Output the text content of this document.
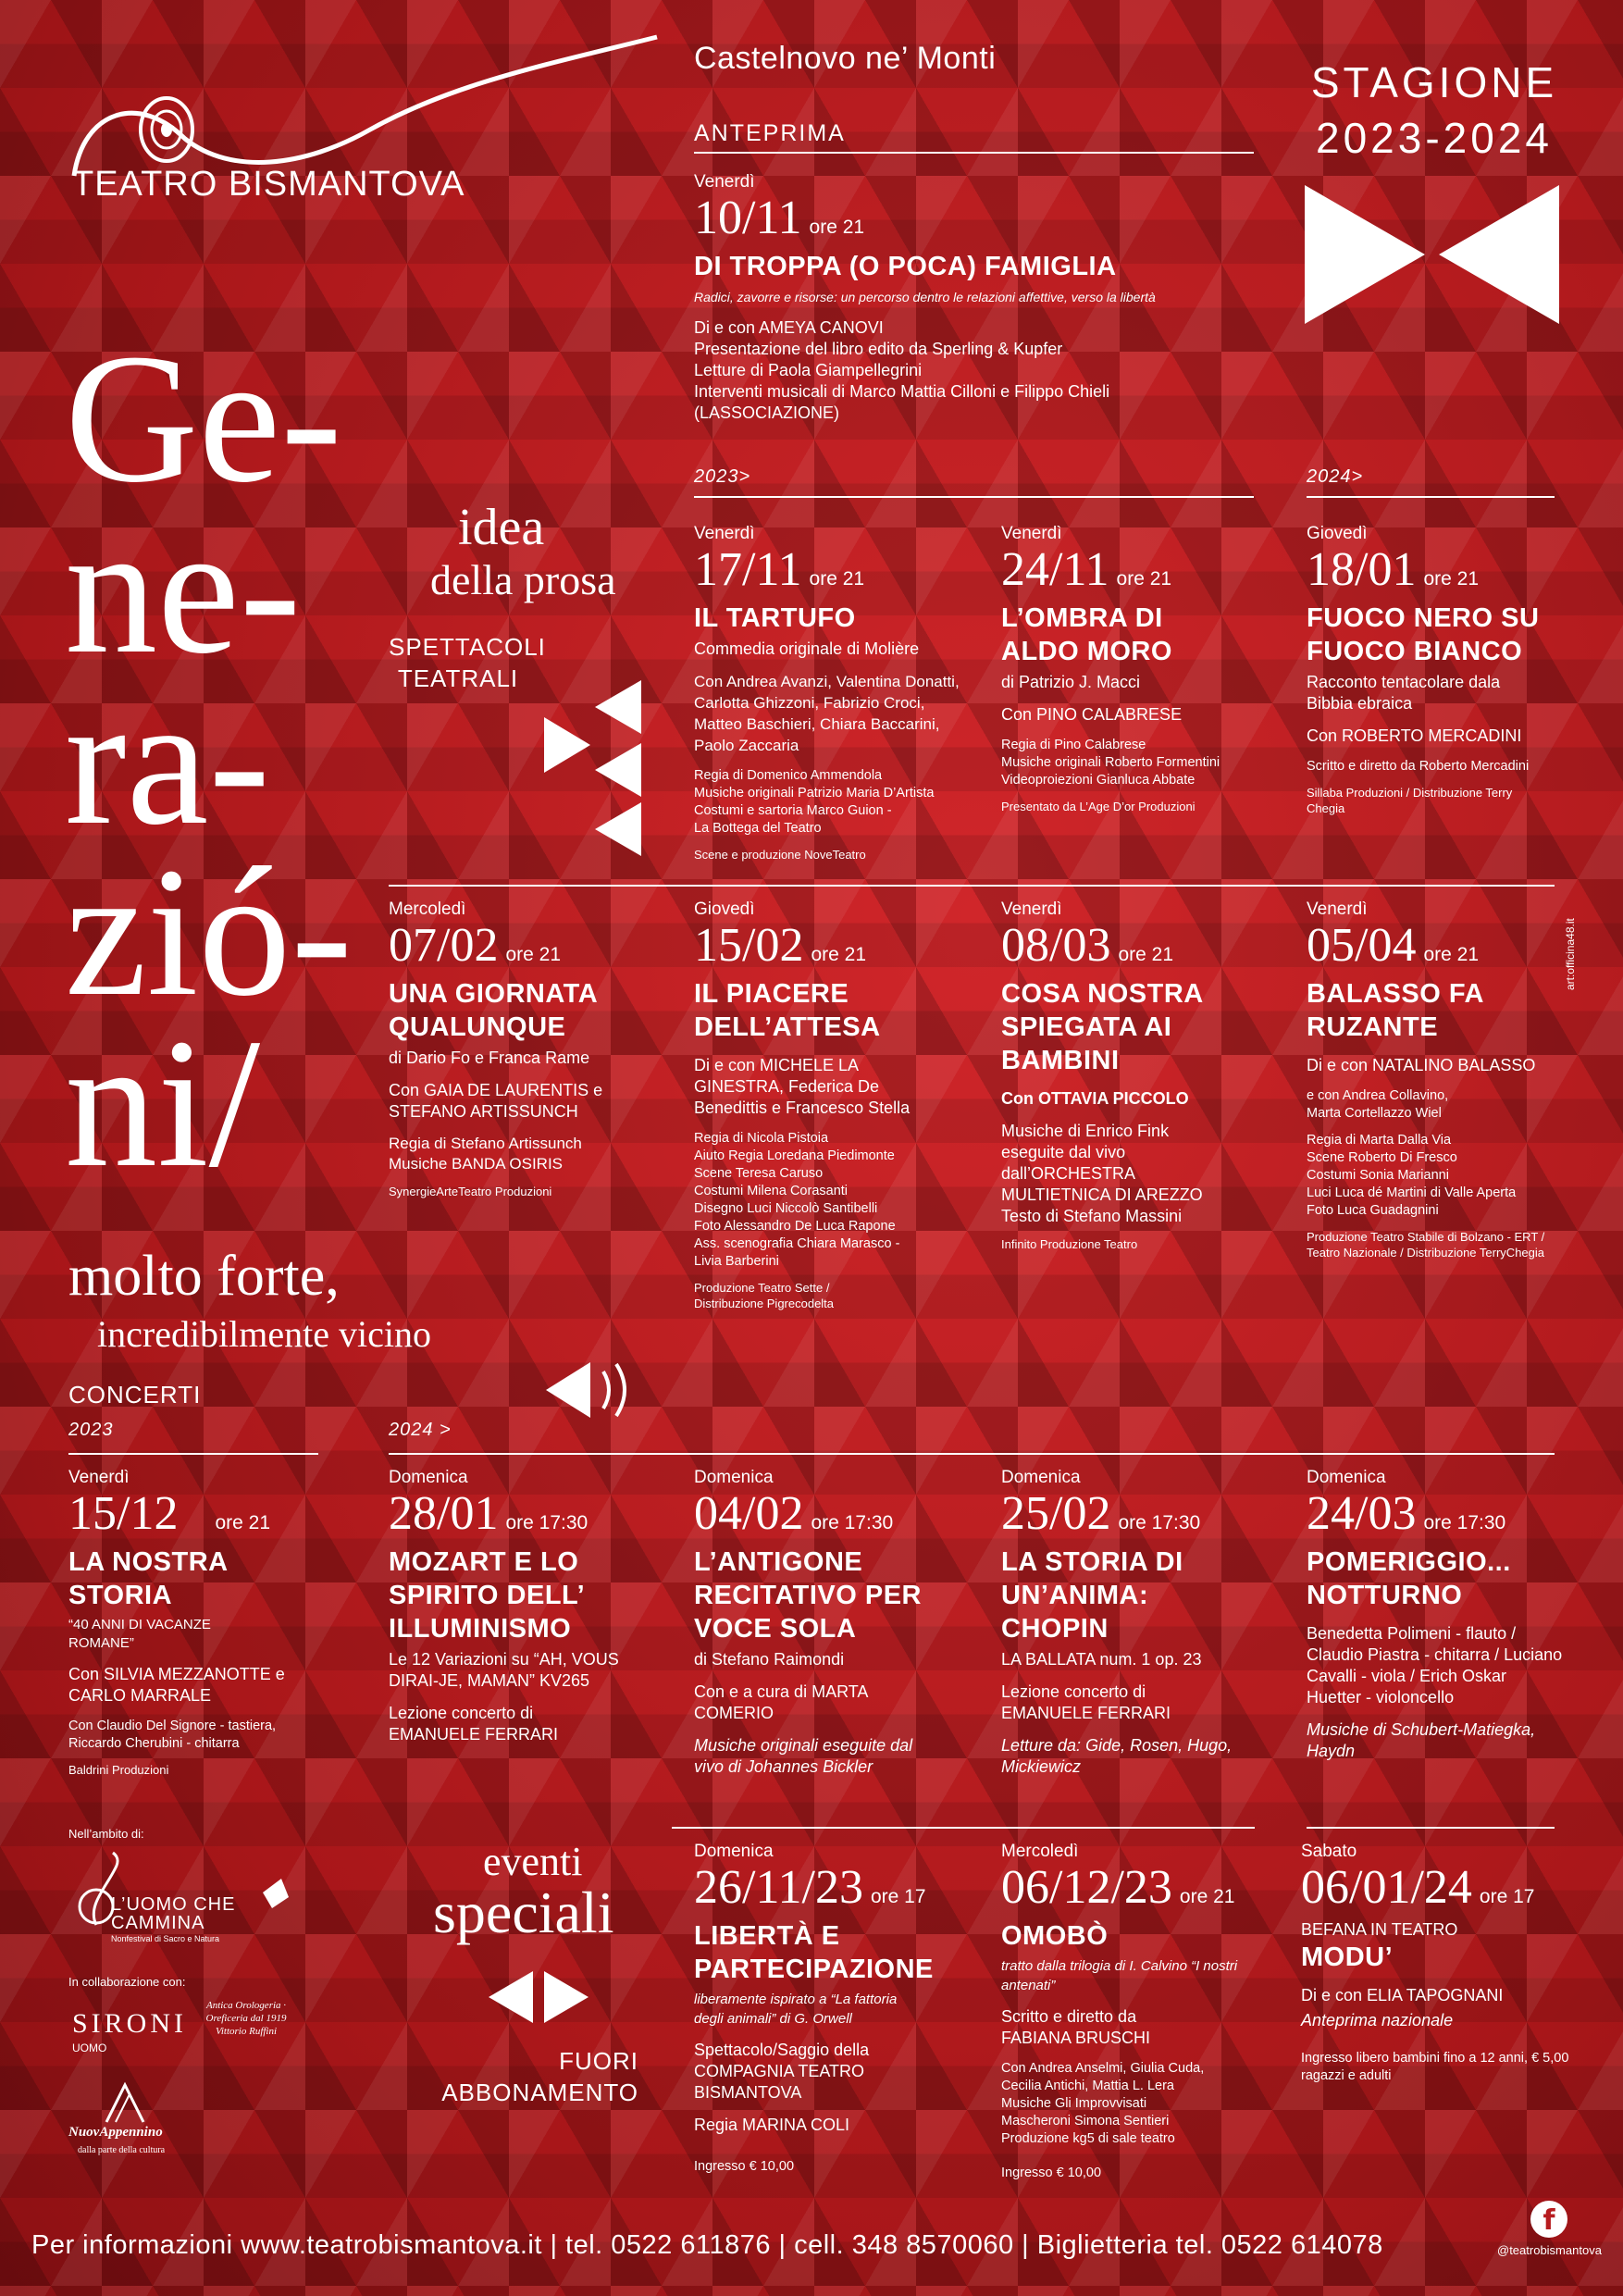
TEATRO BISMANTOVA
Castelnovo ne’ Monti	STAGIONE
2023-2024
Ge-
ne-
ra-
zió-
ni/
ANTEPRIMA
Venerdì
10/11 ore 21
DI TROPPA (O POCA) FAMIGLIA
Radici, zavorre e risorse: un percorso dentro le relazioni affettive, verso la libertà
Di e con AMEYA CANOVI
Presentazione del libro edito da Sperling & Kupfer
Letture di Paola Giampellegrini
Interventi musicali di Marco Mattia Cilloni e Filippo Chieli
(LASSOCIAZIONE)
2023>	2024>
idea
della prosa
SPETTACOLI TEATRALI
Venerdì
17/11 ore 21
IL TARTUFO
Commedia originale di Molière
Con Andrea Avanzi, Valentina Donatti, Carlotta Ghizzoni, Fabrizio Croci, Matteo Baschieri, Chiara Baccarini, Paolo Zaccaria
Regia di Domenico Ammendola
Musiche originali Patrizio Maria D’Artista
Costumi e sartoria Marco Guion -
La Bottega del Teatro
Scene e produzione NoveTeatro
Venerdì
24/11 ore 21
L’OMBRA DI ALDO MORO
di Patrizio J. Macci
Con PINO CALABRESE
Regia di Pino Calabrese
Musiche originali Roberto Formentini
Videoproiezioni Gianluca Abbate
Presentato da L’Age D’or Produzioni
Giovedì
18/01 ore 21
FUOCO NERO SU FUOCO BIANCO
Racconto tentacolare dala Bibbia ebraica
Con ROBERTO MERCADINI
Scritto e diretto da Roberto Mercadini
Sillaba Produzioni / Distribuzione Terry Chegia
Mercoledì
07/02 ore 21
UNA GIORNATA QUALUNQUE
di Dario Fo e Franca Rame
Con GAIA DE LAURENTIS e STEFANO ARTISSUNCH
Regia di Stefano Artissunch
Musiche BANDA OSIRIS
SynergieArteTeatro Produzioni
Giovedì
15/02 ore 21
IL PIACERE DELL’ATTESA
Di e con MICHELE LA GINESTRA, Federica De Benedittis e Francesco Stella
Regia di Nicola Pistoia
Aiuto Regia Loredana Piedimonte
Scene Teresa Caruso
Costumi Milena Corasanti
Disegno Luci Niccolò Santibelli
Foto Alessandro De Luca Rapone
Ass. scenografia Chiara Marasco -
Livia Barberini
Produzione Teatro Sette / Distribuzione Pigrecodelta
Venerdì
08/03 ore 21
COSA NOSTRA SPIEGATA AI BAMBINI
Con OTTAVIA PICCOLO
Musiche di Enrico Fink eseguite dal vivo dall’ORCHESTRA MULTIETNICA DI AREZZO
Testo di Stefano Massini
Infinito Produzione Teatro
Venerdì
05/04 ore 21
BALASSO FA RUZANTE
Di e con NATALINO BALASSO
e con Andrea Collavino,
Marta Cortellazzo Wiel
Regia di Marta Dalla Via
Scene Roberto Di Fresco
Costumi Sonia Marianni
Luci Luca dé Martini di Valle Aperta
Foto Luca Guadagnini
Produzione Teatro Stabile di Bolzano - ERT / Teatro Nazionale / Distribuzione TerryChegia
molto forte,
incredibilmente vicino
CONCERTI
2023	2024 >
Venerdì
15/12 ore 21
LA NOSTRA STORIA
“40 ANNI DI VACANZE ROMANE”
Con SILVIA MEZZANOTTE e CARLO MARRALE
Con Claudio Del Signore - tastiera,
Riccardo Cherubini - chitarra
Baldrini Produzioni
Domenica
28/01 ore 17:30
MOZART E LO SPIRITO DELL’ ILLUMINISMO
Le 12 Variazioni su “AH, VOUS DIRAI-JE, MAMAN” KV265
Lezione concerto di EMANUELE FERRARI
Domenica
04/02 ore 17:30
L’ANTIGONE RECITATIVO PER VOCE SOLA
di Stefano Raimondi
Con e a cura di MARTA COMERIO
Musiche originali eseguite dal vivo di Johannes Bickler
Domenica
25/02 ore 17:30
LA STORIA DI UN’ANIMA: CHOPIN
LA BALLATA num. 1 op. 23
Lezione concerto di EMANUELE FERRARI
Letture da: Gide, Rosen, Hugo, Mickiewicz
Domenica
24/03 ore 17:30
POMERIGGIO... NOTTURNO
Benedetta Polimeni - flauto / Claudio Piastra - chitarra / Luciano Cavalli - viola / Erich Oskar Huetter - violoncello
Musiche di Schubert-Matiegka, Haydn
eventi
speciali
FUORI ABBONAMENTO
Domenica
26/11/23 ore 17
LIBERTÀ E PARTECIPAZIONE
liberamente ispirato a “La fattoria degli animali” di G. Orwell
Spettacolo/Saggio della COMPAGNIA TEATRO BISMANTOVA
Regia MARINA COLI
Ingresso € 10,00
Mercoledì
06/12/23 ore 21
OMOBÒ
tratto dalla trilogia di I. Calvino “I nostri antenati”
Scritto e diretto da FABIANA BRUSCHI
Con Andrea Anselmi, Giulia Cuda,
Cecilia Antichi, Mattia L. Lera
Musiche Gli Improvvisati
Mascheroni Simona Sentieri
Produzione kg5 di sale teatro
Ingresso € 10,00
Sabato
06/01/24 ore 17
BEFANA IN TEATRO
MODU’
Di e con ELIA TAPOGNANI
Anteprima nazionale
Ingresso libero bambini fino a 12 anni, € 5,00 ragazzi e adulti
Nell’ambito di:
L’UOMO CHE CAMMINA
Nonfestival di Sacro e Natura
In collaborazione con:
SIRONI
UOMO
Antica Orologeria · Oreficeria dal 1919 Vittorio Ruffini
NuovAppennino
dalla parte della cultura
art:officina48.it
Per informazioni www.teatrobismantova.it | tel. 0522 611876 | cell. 348 8570060 | Biglietteria tel. 0522 614078
f
@teatrobismantova
